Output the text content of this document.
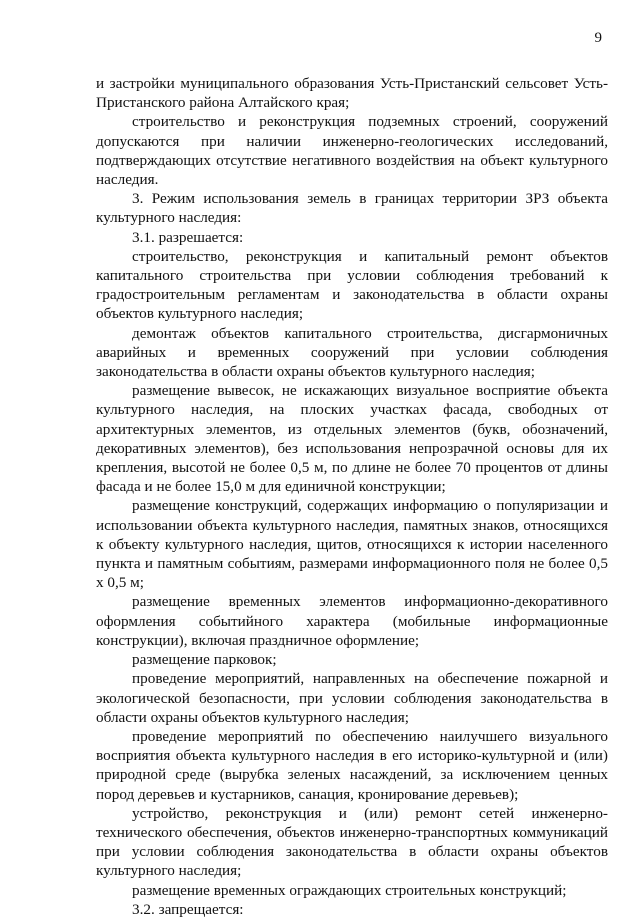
9

и застройки муниципального образования Усть-Пристанский сельсовет Усть-Пристанского района Алтайского края;

строительство и реконструкция подземных строений, сооружений допускаются при наличии инженерно-геологических исследований, подтверждающих отсутствие негативного воздействия на объект культурного наследия.

3. Режим использования земель в границах территории ЗРЗ объекта культурного наследия:

3.1. разрешается:

строительство, реконструкция и капитальный ремонт объектов капитального строительства при условии соблюдения требований к градостроительным регламентам и законодательства в области охраны объектов культурного наследия;

демонтаж объектов капитального строительства, дисгармоничных аварийных и временных сооружений при условии соблюдения законодательства в области охраны объектов культурного наследия;

размещение вывесок, не искажающих визуальное восприятие объекта культурного наследия, на плоских участках фасада, свободных от архитектурных элементов, из отдельных элементов (букв, обозначений, декоративных элементов), без использования непрозрачной основы для их крепления, высотой не более 0,5 м, по длине не более 70 процентов от длины фасада и не более 15,0 м для единичной конструкции;

размещение конструкций, содержащих информацию о популяризации и использовании объекта культурного наследия, памятных знаков, относящихся к объекту культурного наследия, щитов, относящихся к истории населенного пункта и памятным событиям, размерами информационного поля не более 0,5 х 0,5 м;

размещение временных элементов информационно-декоративного оформления событийного характера (мобильные информационные конструкции), включая праздничное оформление;

размещение парковок;

проведение мероприятий, направленных на обеспечение пожарной и экологической безопасности, при условии соблюдения законодательства в области охраны объектов культурного наследия;

проведение мероприятий по обеспечению наилучшего визуального восприятия объекта культурного наследия в его историко-культурной и (или) природной среде (вырубка зеленых насаждений, за исключением ценных пород деревьев и кустарников, санация, кронирование деревьев);

устройство, реконструкция и (или) ремонт сетей инженерно-технического обеспечения, объектов инженерно-транспортных коммуникаций при условии соблюдения законодательства в области охраны объектов культурного наследия;

размещение временных ограждающих строительных конструкций;

3.2. запрещается:
